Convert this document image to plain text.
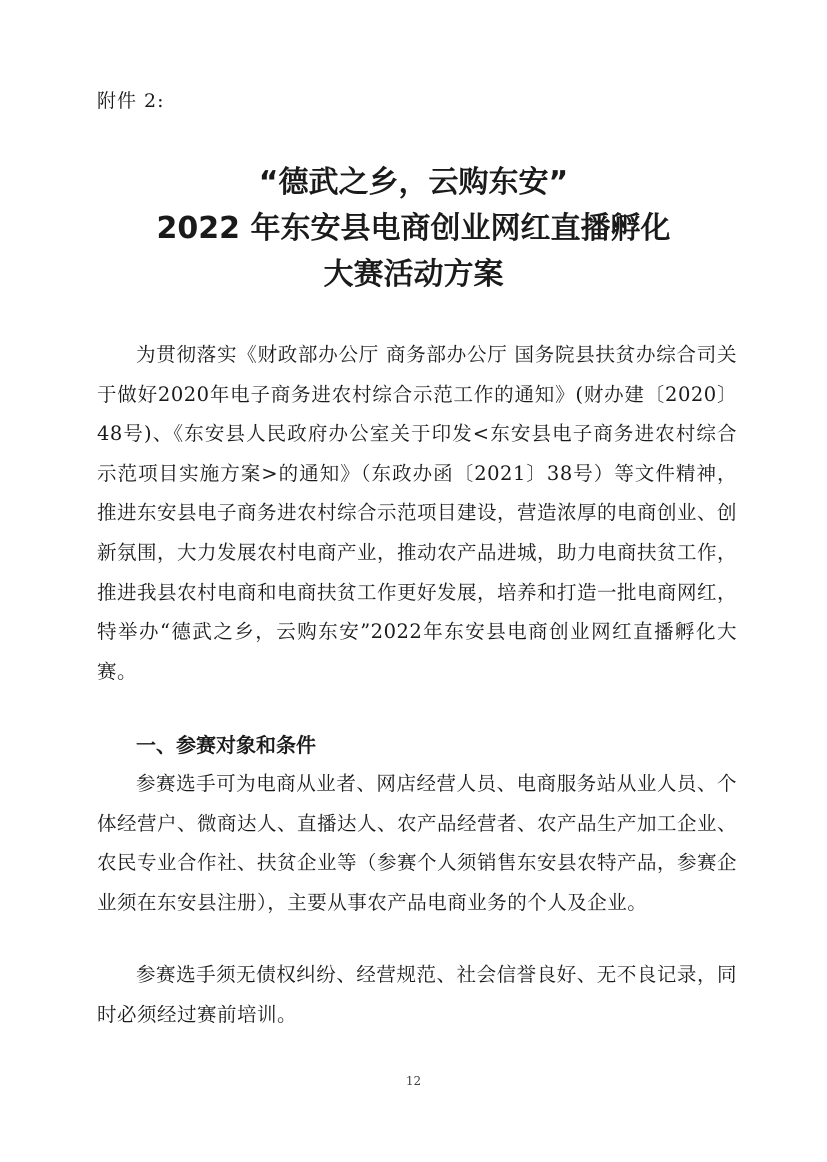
附件 2:
“德武之乡，云购东安”
2022 年东安县电商创业网红直播孵化
大赛活动方案

为贯彻落实《财政部办公厅 商务部办公厅 国务院县扶贫办综合司关于做好2020年电子商务进农村综合示范工作的通知》(财办建〔2020〕48号)、《东安县人民政府办公室关于印发<东安县电子商务进农村综合示范项目实施方案>的通知》（东政办函〔2021〕38号）等文件精神，推进东安县电子商务进农村综合示范项目建设，营造浓厚的电商创业、创新氛围，大力发展农村电商产业，推动农产品进城，助力电商扶贫工作，推进我县农村电商和电商扶贫工作更好发展，培养和打造一批电商网红，特举办“德武之乡，云购东安”2022年东安县电商创业网红直播孵化大赛。

一、参赛对象和条件

参赛选手可为电商从业者、网店经营人员、电商服务站从业人员、个体经营户、微商达人、直播达人、农产品经营者、农产品生产加工企业、农民专业合作社、扶贫企业等（参赛个人须销售东安县农特产品，参赛企业须在东安县注册），主要从事农产品电商业务的个人及企业。

参赛选手须无债权纠纷、经营规范、社会信誉良好、无不良记录，同时必须经过赛前培训。

12
